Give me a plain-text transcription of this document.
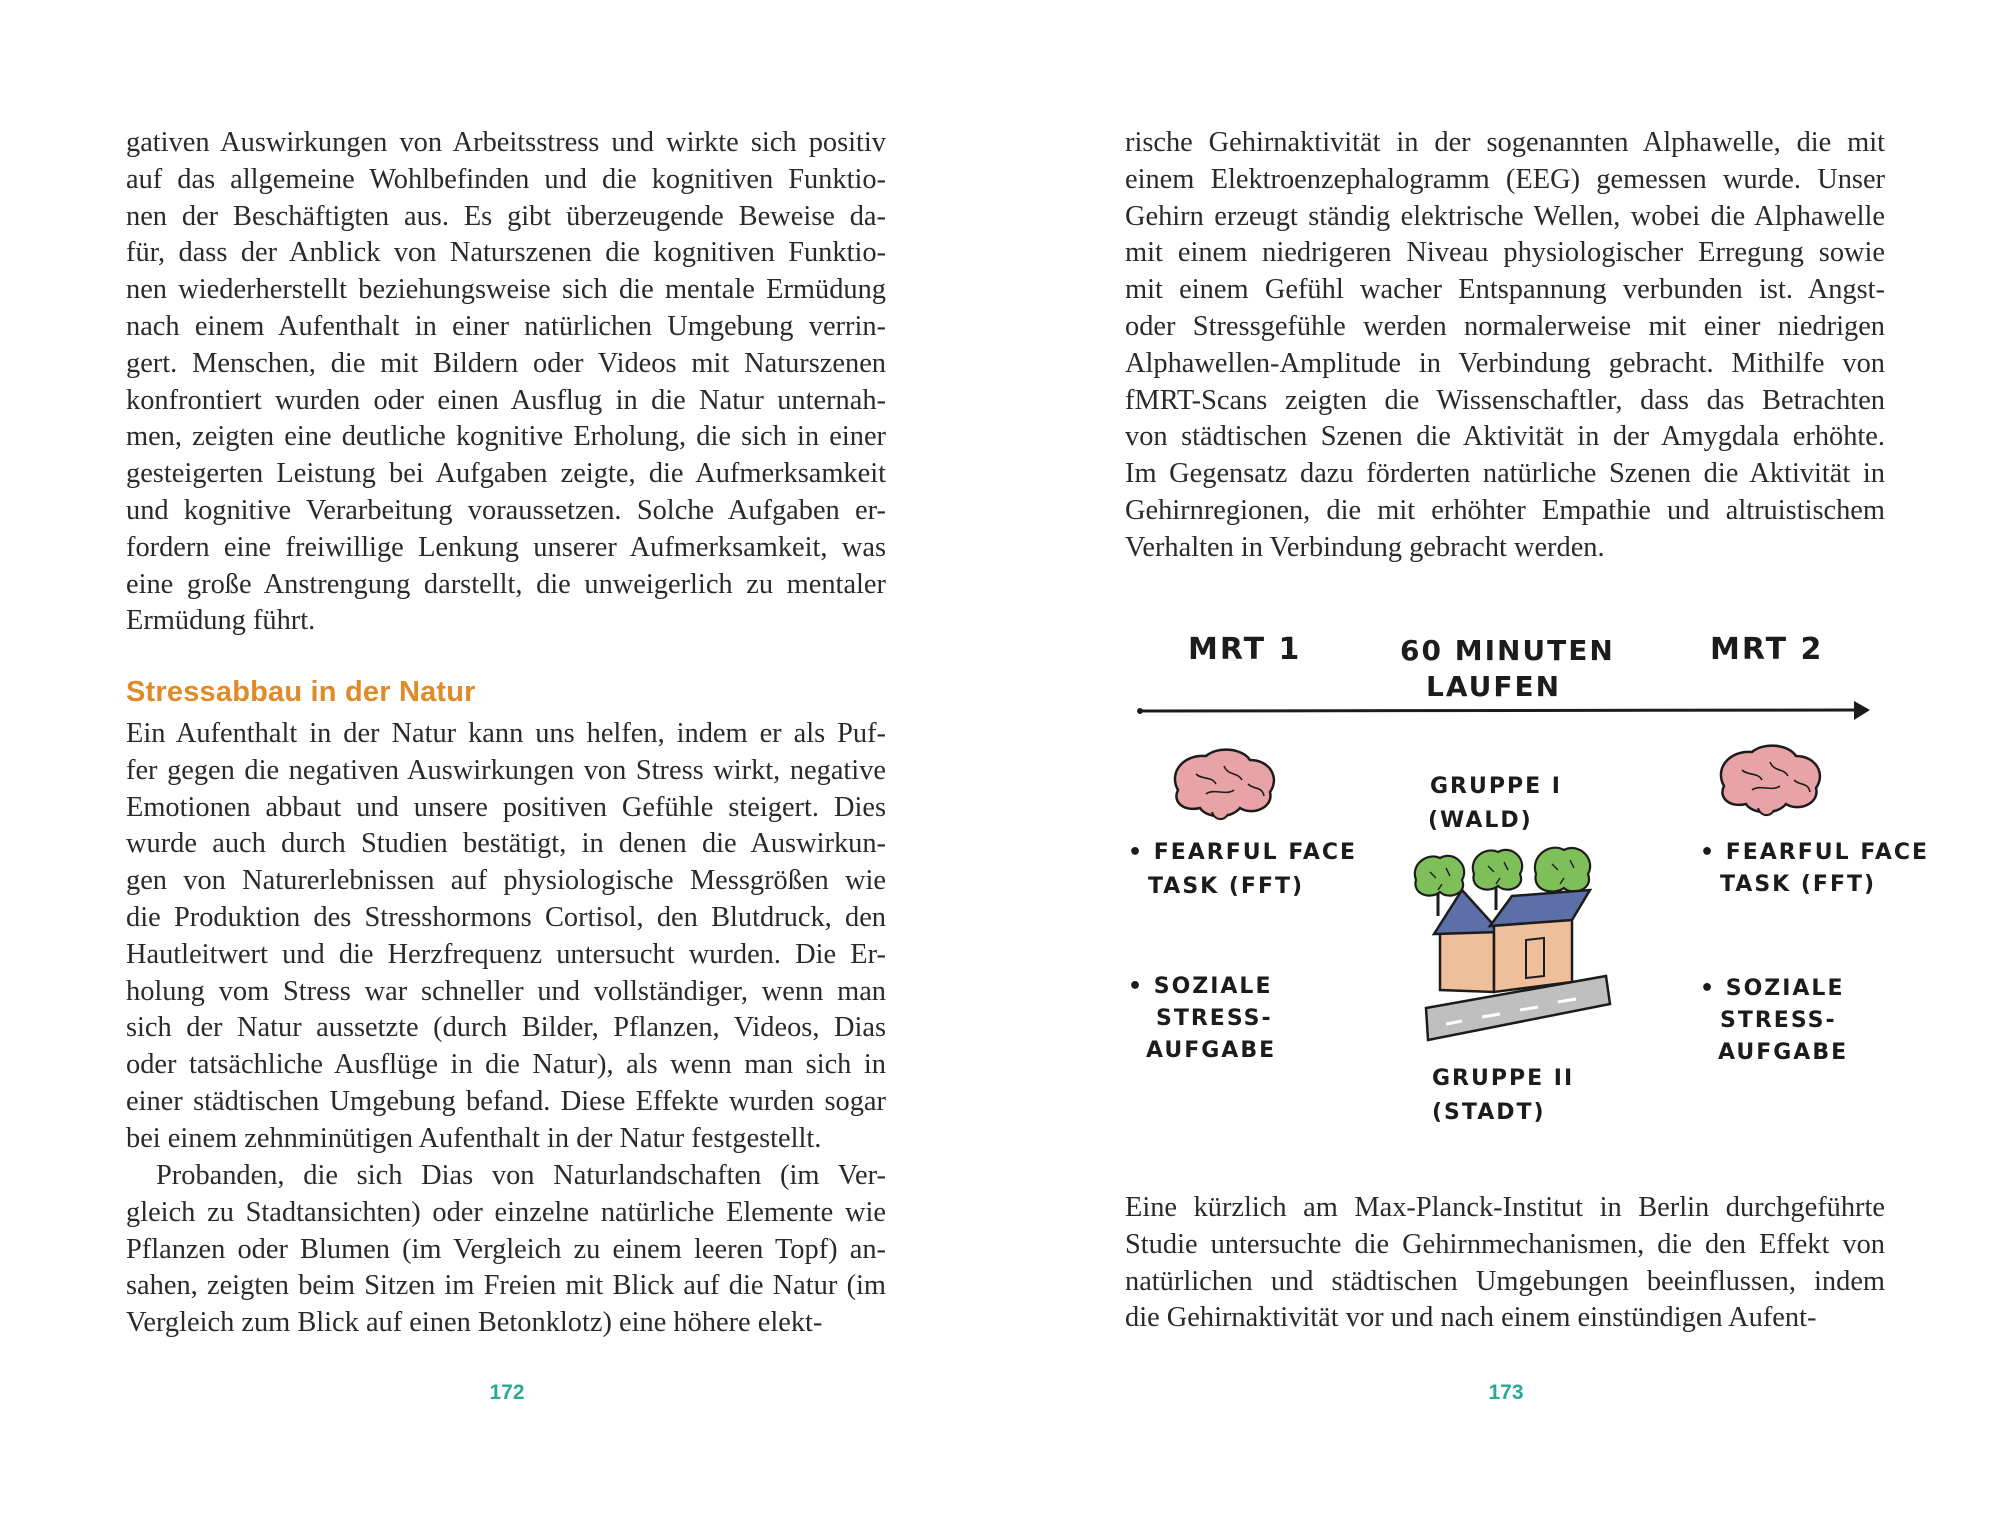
gativen Auswirkungen von Arbeitsstress und wirkte sich positiv
auf das allgemeine Wohlbefinden und die kognitiven Funktio-
nen der Beschäftigten aus. Es gibt überzeugende Beweise da-
für, dass der Anblick von Naturszenen die kognitiven Funktio-
nen wiederherstellt beziehungsweise sich die mentale Ermüdung
nach einem Aufenthalt in einer natürlichen Umgebung verrin-
gert. Menschen, die mit Bildern oder Videos mit Naturszenen
konfrontiert wurden oder einen Ausflug in die Natur unternah-
men, zeigten eine deutliche kognitive Erholung, die sich in einer
gesteigerten Leistung bei Aufgaben zeigte, die Aufmerksamkeit
und kognitive Verarbeitung voraussetzen. Solche Aufgaben er-
fordern eine freiwillige Lenkung unserer Aufmerksamkeit, was
eine große Anstrengung darstellt, die unweigerlich zu mentaler
Ermüdung führt.

Stressabbau in der Natur

Ein Aufenthalt in der Natur kann uns helfen, indem er als Puf-
fer gegen die negativen Auswirkungen von Stress wirkt, negative
Emotionen abbaut und unsere positiven Gefühle steigert. Dies
wurde auch durch Studien bestätigt, in denen die Auswirkun-
gen von Naturerlebnissen auf physiologische Messgrößen wie
die Produktion des Stresshormons Cortisol, den Blutdruck, den
Hautleitwert und die Herzfrequenz untersucht wurden. Die Er-
holung vom Stress war schneller und vollständiger, wenn man
sich der Natur aussetzte (durch Bilder, Pflanzen, Videos, Dias
oder tatsächliche Ausflüge in die Natur), als wenn man sich in
einer städtischen Umgebung befand. Diese Effekte wurden sogar
bei einem zehnminütigen Aufenthalt in der Natur festgestellt.

Probanden, die sich Dias von Naturlandschaften (im Ver-
gleich zu Stadtansichten) oder einzelne natürliche Elemente wie
Pflanzen oder Blumen (im Vergleich zu einem leeren Topf) an-
sahen, zeigten beim Sitzen im Freien mit Blick auf die Natur (im
Vergleich zum Blick auf einen Betonklotz) eine höhere elekt-

172

rische Gehirnaktivität in der sogenannten Alphawelle, die mit
einem Elektroenzephalogramm (EEG) gemessen wurde. Unser
Gehirn erzeugt ständig elektrische Wellen, wobei die Alphawelle
mit einem niedrigeren Niveau physiologischer Erregung sowie
mit einem Gefühl wacher Entspannung verbunden ist. Angst-
oder Stressgefühle werden normalerweise mit einer niedrigen
Alphawellen-Amplitude in Verbindung gebracht. Mithilfe von
fMRT-Scans zeigten die Wissenschaftler, dass das Betrachten
von städtischen Szenen die Aktivität in der Amygdala erhöhte.
Im Gegensatz dazu förderten natürliche Szenen die Aktivität in
Gehirnregionen, die mit erhöhter Empathie und altruistischem
Verhalten in Verbindung gebracht werden.

Eine kürzlich am Max-Planck-Institut in Berlin durchgeführte
Studie untersuchte die Gehirnmechanismen, die den Effekt von
natürlichen und städtischen Umgebungen beeinflussen, indem
die Gehirnaktivität vor und nach einem einstündigen Aufent-

173
MRT 1	60 MINUTEN
LAUFEN
MRT 2
• FEARFUL FACE
TASK (FFT)
• SOZIALE
STRESS-
AUFGABE
GRUPPE I
(WALD)
GRUPPE II
(STADT)
• FEARFUL FACE
TASK (FFT)
• SOZIALE
STRESS-
AUFGABE
